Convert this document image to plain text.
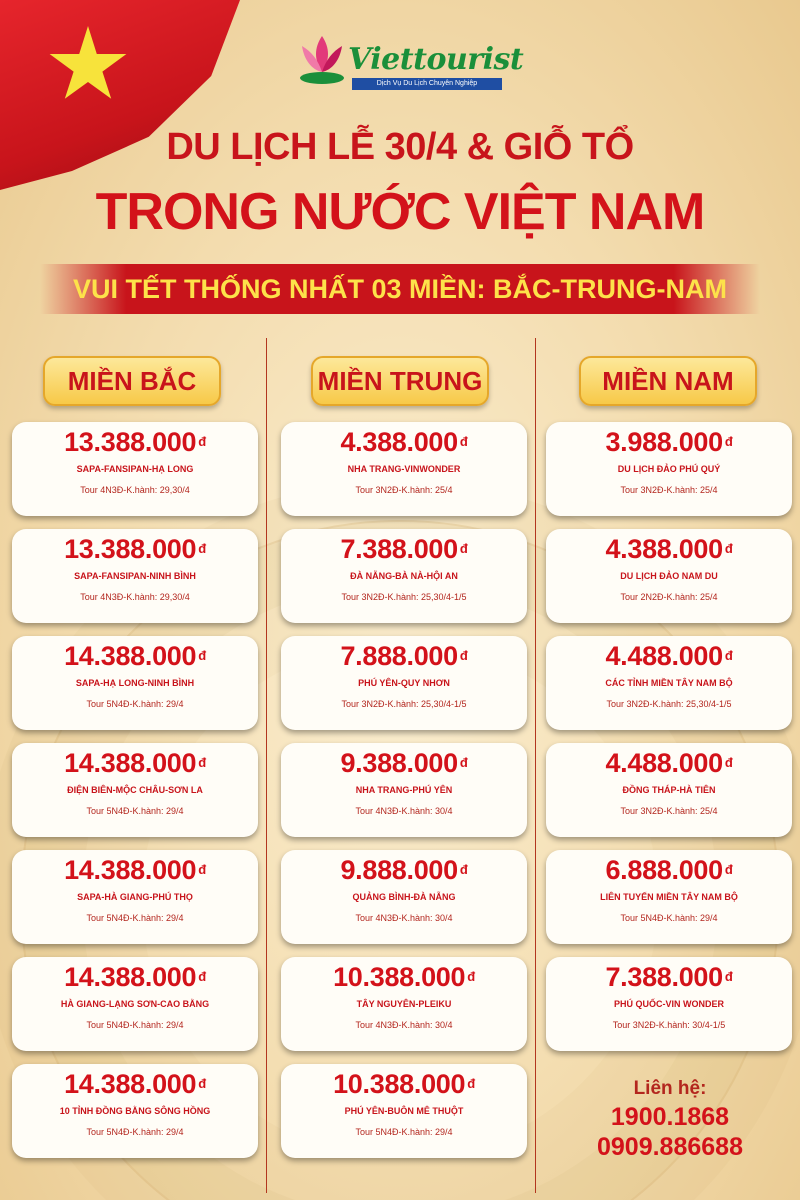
Viettourist
Dịch Vụ Du Lịch Chuyên Nghiệp
DU LỊCH LỄ 30/4 & GIỖ TỔ
TRONG NƯỚC VIỆT NAM
VUI TẾT THỐNG NHẤT 03 MIỀN: BẮC-TRUNG-NAM
MIỀN BẮC	MIỀN TRUNG	MIỀN NAM
13.388.000 $^đ$
SAPA-FANSIPAN-HẠ LONG
Tour 4N3Đ-K.hành: 29,30/4
13.388.000 $^đ$
SAPA-FANSIPAN-NINH BÌNH
Tour 4N3Đ-K.hành: 29,30/4
14.388.000 $^đ$
SAPA-HẠ LONG-NINH BÌNH
Tour 5N4Đ-K.hành: 29/4
14.388.000 $^đ$
ĐIỆN BIÊN-MỘC CHÂU-SƠN LA
Tour 5N4Đ-K.hành: 29/4
14.388.000 $^đ$
SAPA-HÀ GIANG-PHÚ THỌ
Tour 5N4Đ-K.hành: 29/4
14.388.000 $^đ$
HÀ GIANG-LẠNG SƠN-CAO BẰNG
Tour 5N4Đ-K.hành: 29/4
14.388.000 $^đ$
10 TỈNH ĐỒNG BẰNG SÔNG HỒNG
Tour 5N4Đ-K.hành: 29/4
4.388.000 $^đ$
NHA TRANG-VINWONDER
Tour 3N2Đ-K.hành: 25/4
7.388.000 $^đ$
ĐÀ NẴNG-BÀ NÀ-HỘI AN
Tour 3N2Đ-K.hành: 25,30/4-1/5
7.888.000 $^đ$
PHÚ YÊN-QUY NHƠN
Tour 3N2Đ-K.hành: 25,30/4-1/5
9.388.000 $^đ$
NHA TRANG-PHÚ YÊN
Tour 4N3Đ-K.hành: 30/4
9.888.000 $^đ$
QUẢNG BÌNH-ĐÀ NẴNG
Tour 4N3Đ-K.hành: 30/4
10.388.000 $^đ$
TÂY NGUYÊN-PLEIKU
Tour 4N3Đ-K.hành: 30/4
10.388.000 $^đ$
PHÚ YÊN-BUÔN MÊ THUỘT
Tour 5N4Đ-K.hành: 29/4
3.988.000 $^đ$
DU LỊCH ĐẢO PHÚ QUÝ
Tour 3N2Đ-K.hành: 25/4
4.388.000 $^đ$
DU LỊCH ĐẢO NAM DU
Tour 2N2Đ-K.hành: 25/4
4.488.000 $^đ$
CÁC TỈNH MIỀN TÂY NAM BỘ
Tour 3N2Đ-K.hành: 25,30/4-1/5
4.488.000 $^đ$
ĐỒNG THÁP-HÀ TIÊN
Tour 3N2Đ-K.hành: 25/4
6.888.000 $^đ$
LIÊN TUYẾN MIỀN TÂY NAM BỘ
Tour 5N4Đ-K.hành: 29/4
7.388.000 $^đ$
PHÚ QUỐC-VIN WONDER
Tour 3N2Đ-K.hành: 30/4-1/5
Liên hệ:
1900.1868
0909.886688
